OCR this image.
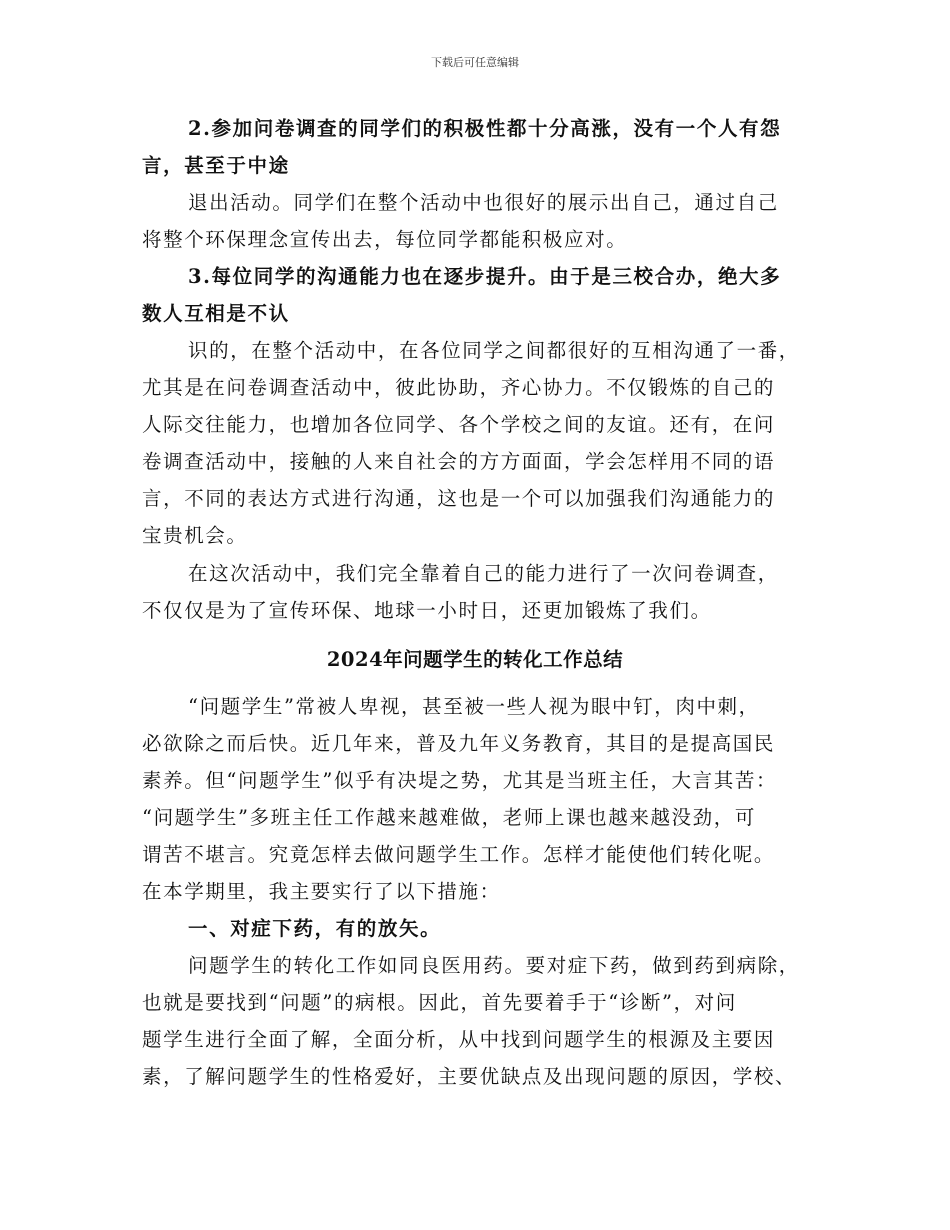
下载后可任意编辑
2.参加问卷调查的同学们的积极性都十分高涨，没有一个人有怨
言，甚至于中途
退出活动。同学们在整个活动中也很好的展示出自己，通过自己
将整个环保理念宣传出去，每位同学都能积极应对。
3.每位同学的沟通能力也在逐步提升。由于是三校合办，绝大多
数人互相是不认
识的，在整个活动中，在各位同学之间都很好的互相沟通了一番，
尤其是在问卷调查活动中，彼此协助，齐心协力。不仅锻炼的自己的
人际交往能力，也增加各位同学、各个学校之间的友谊。还有，在问
卷调查活动中，接触的人来自社会的方方面面，学会怎样用不同的语
言，不同的表达方式进行沟通，这也是一个可以加强我们沟通能力的
宝贵机会。
在这次活动中，我们完全靠着自己的能力进行了一次问卷调查，
不仅仅是为了宣传环保、地球一小时日，还更加锻炼了我们。
2024年问题学生的转化工作总结
“问题学生”常被人卑视，甚至被一些人视为眼中钉，肉中刺，
必欲除之而后快。近几年来，普及九年义务教育，其目的是提高国民
素养。但“问题学生”似乎有决堤之势，尤其是当班主任，大言其苦：
“问题学生”多班主任工作越来越难做，老师上课也越来越没劲，可
谓苦不堪言。究竟怎样去做问题学生工作。怎样才能使他们转化呢。
在本学期里，我主要实行了以下措施：
一、对症下药，有的放矢。
问题学生的转化工作如同良医用药。要对症下药，做到药到病除，
也就是要找到“问题”的病根。因此，首先要着手于“诊断”，对问
题学生进行全面了解，全面分析，从中找到问题学生的根源及主要因
素，了解问题学生的性格爱好，主要优缺点及出现问题的原因，学校、
